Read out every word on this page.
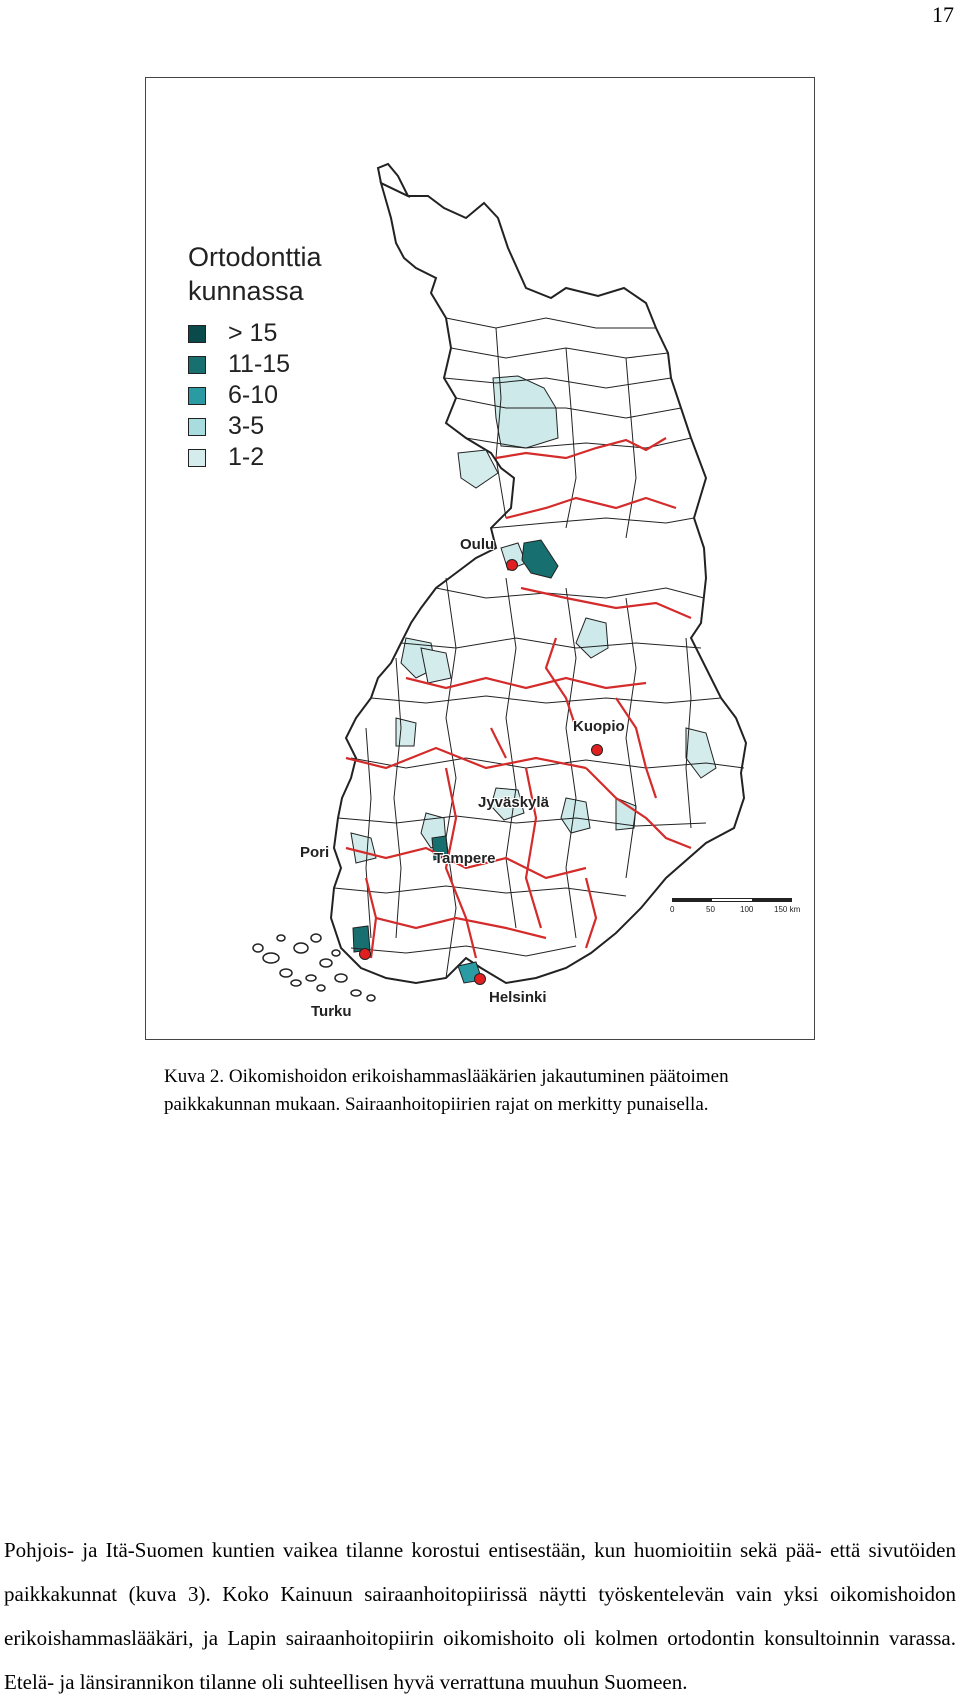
17
Ortodonttia kunnassa
> 15
11-15
6-10
3-5
1-2
Oulu
Kuopio
Jyväskylä
Pori	Tampere
Turku
Helsinki
0	50	100	150 km
Kuva 2. Oikomishoidon erikoishammaslääkärien jakautuminen päätoimen
paikkakunnan mukaan. Sairaanhoitopiirien rajat on merkitty punaisella.
Pohjois- ja Itä-Suomen kuntien vaikea tilanne korostui entisestään, kun huomioitiin sekä pää- että sivutöiden paikkakunnat (kuva 3). Koko Kainuun sairaanhoitopiirissä näytti työskentelevän vain yksi oikomishoidon erikoishammaslääkäri, ja Lapin sairaanhoitopiirin oikomishoito oli kolmen ortodontin konsultoinnin varassa. Etelä- ja länsirannikon tilanne oli suhteellisen hyvä verrattuna muuhun Suomeen.
